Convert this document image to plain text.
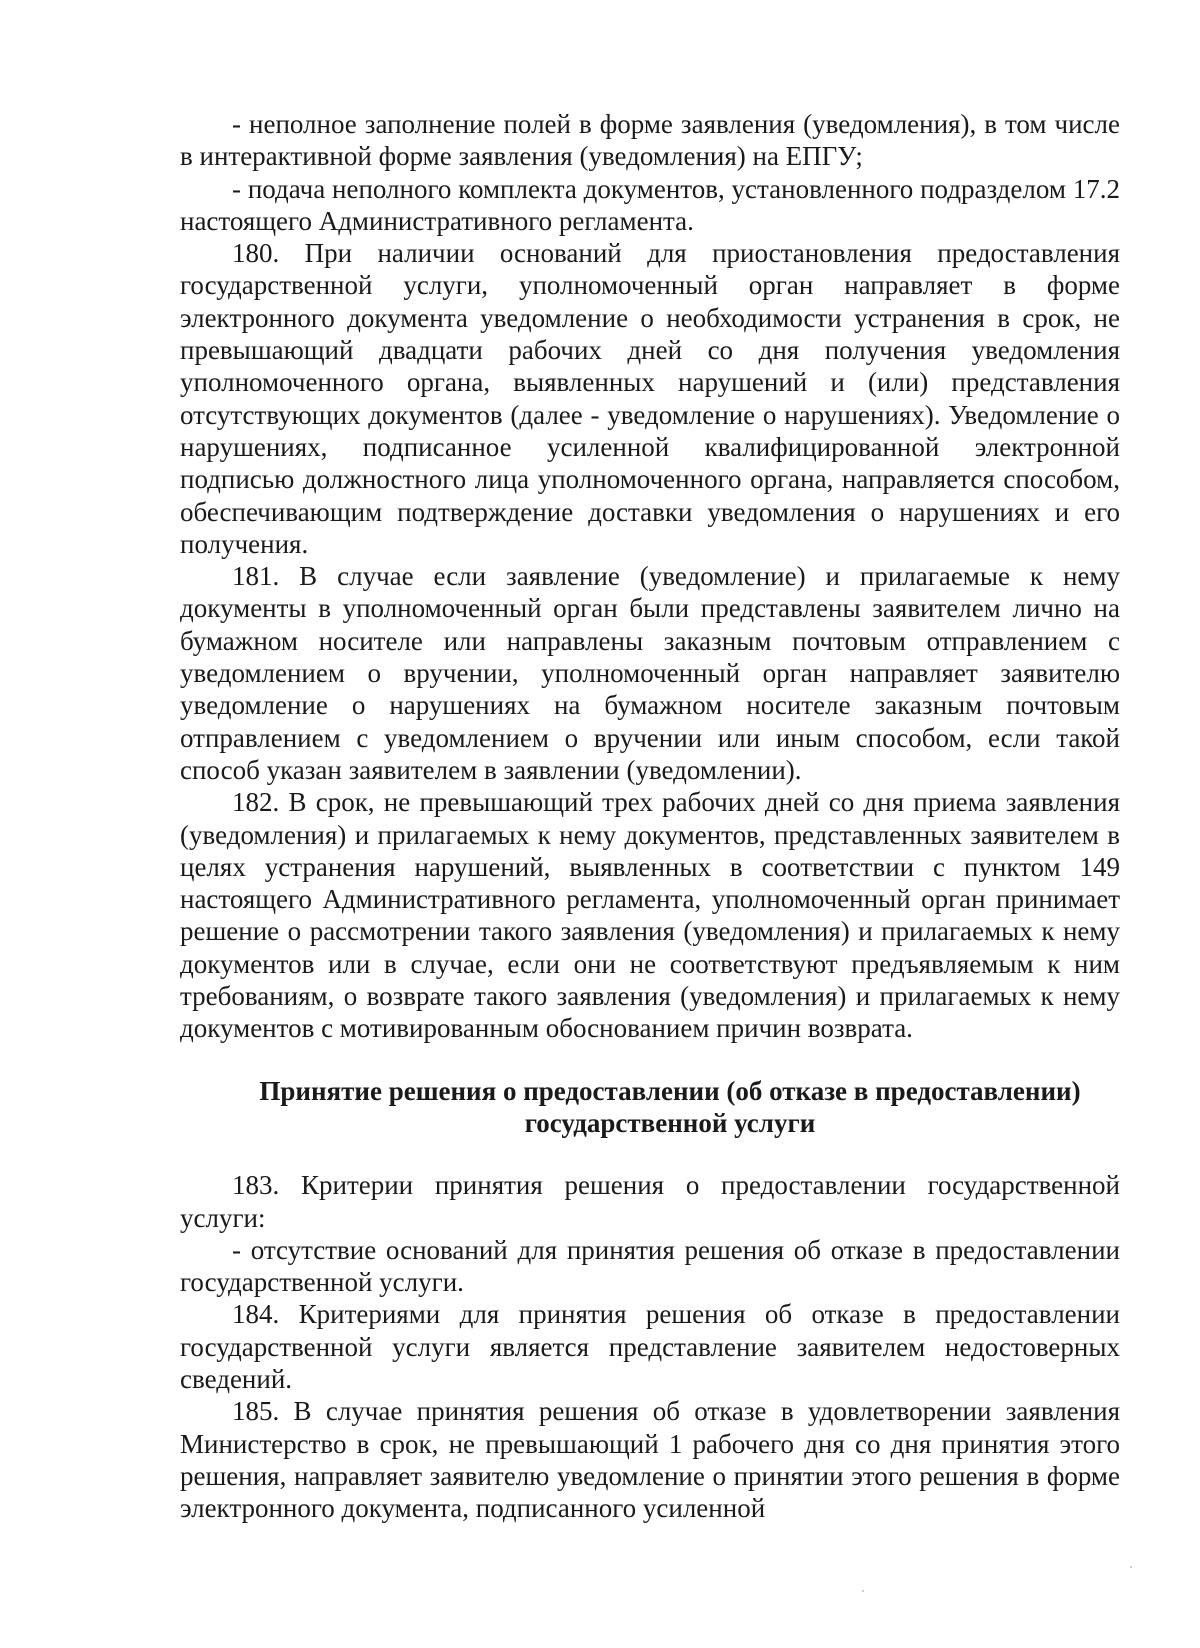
- неполное заполнение полей в форме заявления (уведомления), в том числе в интерактивной форме заявления (уведомления) на ЕПГУ;

- подача неполного комплекта документов, установленного подразделом 17.2 настоящего Административного регламента.

180. При наличии оснований для приостановления предоставления государственной услуги, уполномоченный орган направляет в форме электронного документа уведомление о необходимости устранения в срок, не превышающий двадцати рабочих дней со дня получения уведомления уполномоченного органа, выявленных нарушений и (или) представления отсутствующих документов (далее - уведомление о нарушениях). Уведомление о нарушениях, подписанное усиленной квалифицированной электронной подписью должностного лица уполномоченного органа, направляется способом, обеспечивающим подтверждение доставки уведомления о нарушениях и его получения.

181. В случае если заявление (уведомление) и прилагаемые к нему документы в уполномоченный орган были представлены заявителем лично на бумажном носителе или направлены заказным почтовым отправлением с уведомлением о вручении, уполномоченный орган направляет заявителю уведомление о нарушениях на бумажном носителе заказным почтовым отправлением с уведомлением о вручении или иным способом, если такой способ указан заявителем в заявлении (уведомлении).

182. В срок, не превышающий трех рабочих дней со дня приема заявления (уведомления) и прилагаемых к нему документов, представленных заявителем в целях устранения нарушений, выявленных в соответствии с пунктом 149 настоящего Административного регламента, уполномоченный орган принимает решение о рассмотрении такого заявления (уведомления) и прилагаемых к нему документов или в случае, если они не соответствуют предъявляемым к ним требованиям, о возврате такого заявления (уведомления) и прилагаемых к нему документов с мотивированным обоснованием причин возврата.

Принятие решения о предоставлении (об отказе в предоставлении)
государственной услуги

183. Критерии принятия решения о предоставлении государственной услуги:

- отсутствие оснований для принятия решения об отказе в предоставлении государственной услуги.

184. Критериями для принятия решения об отказе в предоставлении государственной услуги является представление заявителем недостоверных сведений.

185. В случае принятия решения об отказе в удовлетворении заявления Министерство в срок, не превышающий 1 рабочего дня со дня принятия этого решения, направляет заявителю уведомление о принятии этого решения в форме электронного документа, подписанного усиленной
